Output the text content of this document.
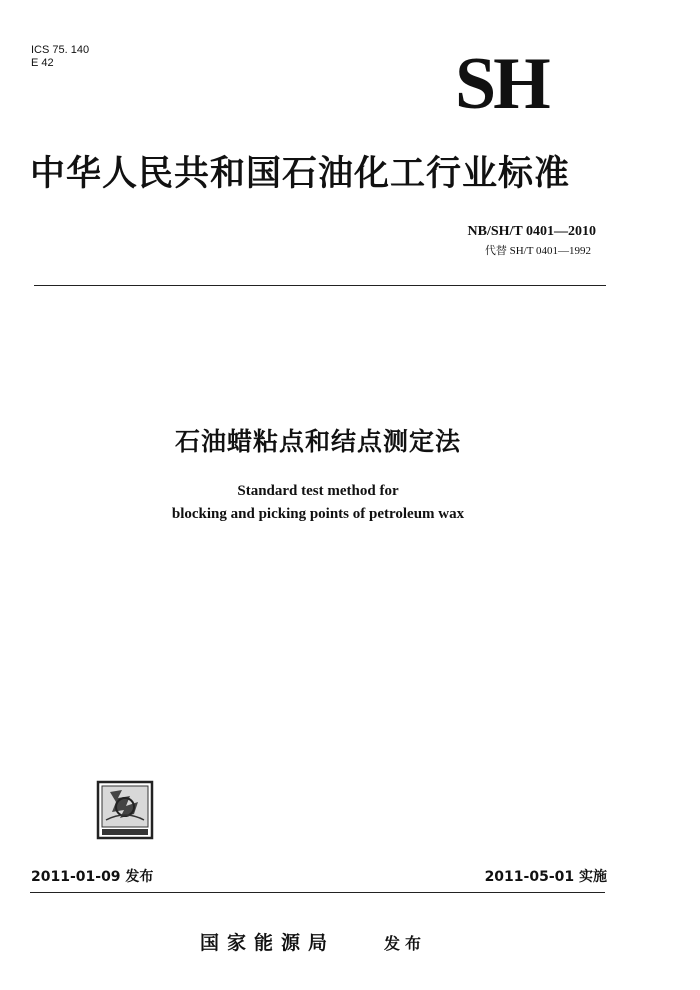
ICS 75. 140
E 42	SH
中华人民共和国石油化工行业标准
NB/SH/T 0401—2010
代替 SH/T 0401—1992
石油蜡粘点和结点测定法
Standard test method for
blocking and picking points of petroleum wax
2011-01-09 发布	2011-05-01 实施
国家能源局	发布
